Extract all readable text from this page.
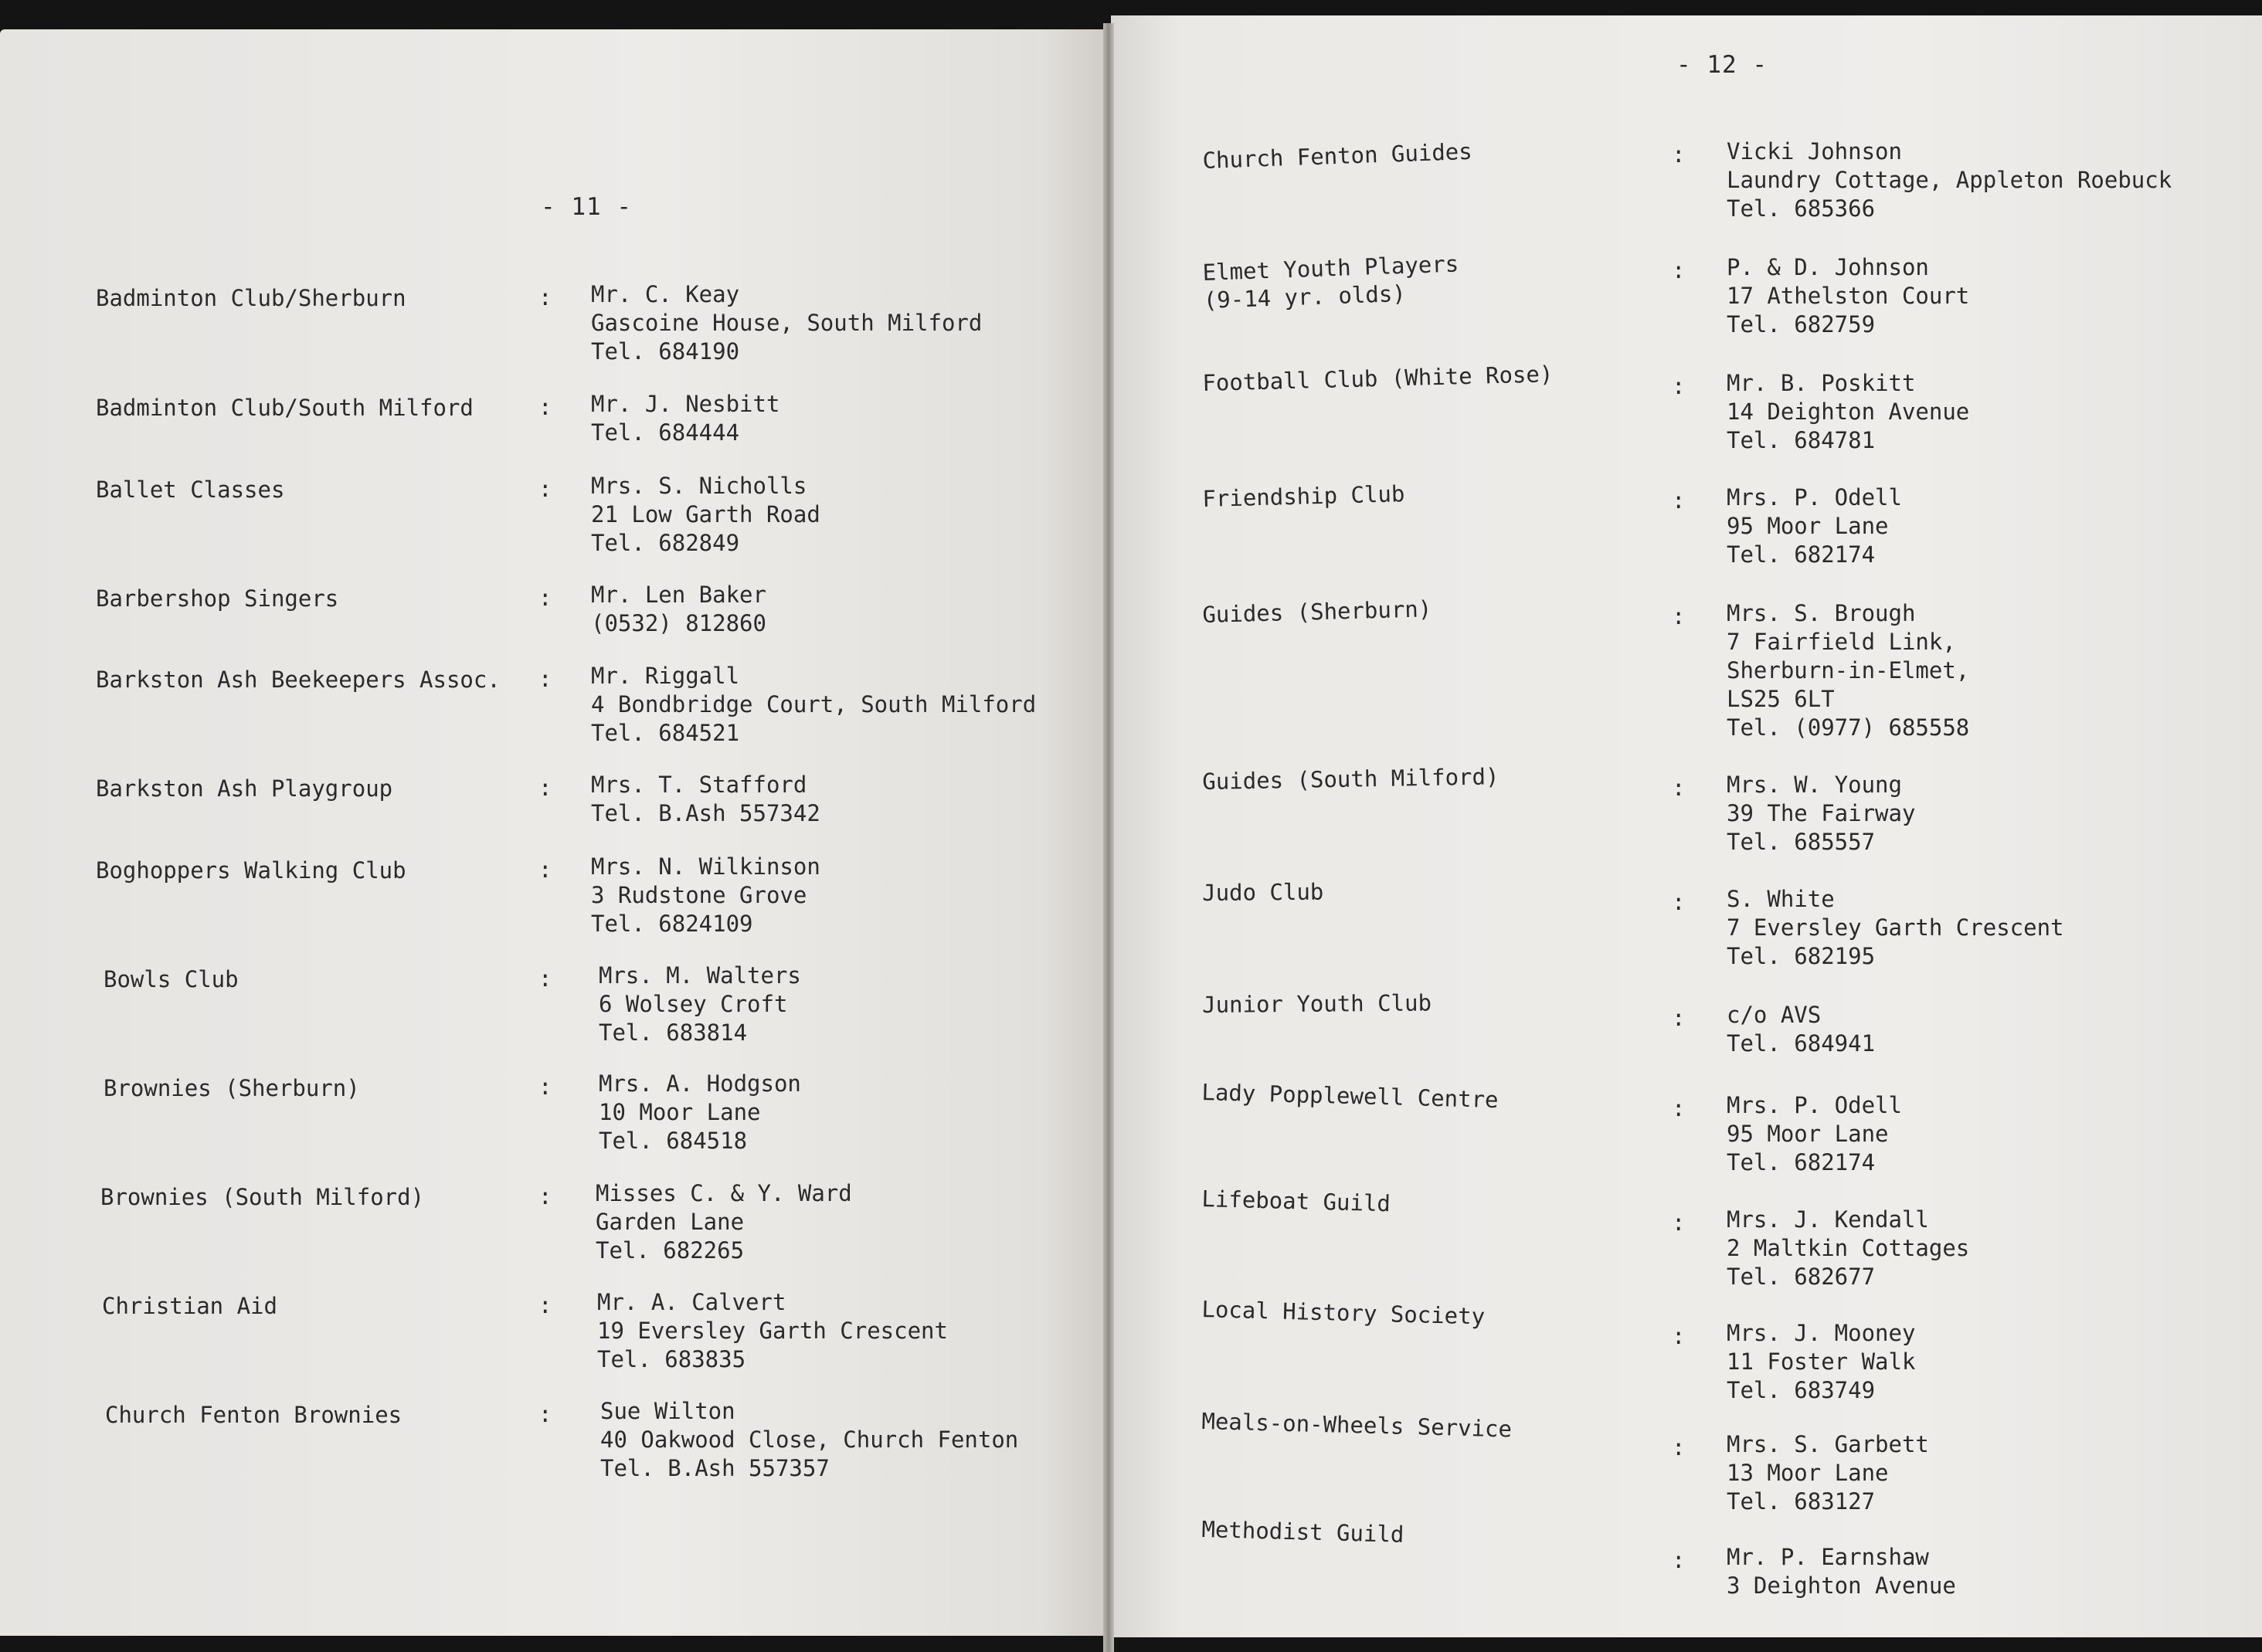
- 11 -
- 12 -
Badminton Club/Sherburn	: Mr. C. Keay
Gascoine House, South Milford
Tel. 684190
Badminton Club/South Milford	: Mr. J. Nesbitt
Tel. 684444
Ballet Classes	: Mrs. S. Nicholls
21 Low Garth Road
Tel. 682849
Barbershop Singers	: Mr. Len Baker
(0532) 812860
Barkston Ash Beekeepers Assoc. : Mr. Riggall
4 Bondbridge Court, South Milford
Tel. 684521
Barkston Ash Playgroup	: Mrs. T. Stafford
Tel. B.Ash 557342
Boghoppers Walking Club	: Mrs. N. Wilkinson
3 Rudstone Grove
Tel. 6824109
Bowls Club	: Mrs. M. Walters
6 Wolsey Croft
Tel. 683814
Brownies (Sherburn)	: Mrs. A. Hodgson
10 Moor Lane
Tel. 684518
Brownies (South Milford)	: Misses C. & Y. Ward
Garden Lane
Tel. 682265
Christian Aid	: Mr. A. Calvert
19 Eversley Garth Crescent
Tel. 683835
Church Fenton Brownies	: Sue Wilton
40 Oakwood Close, Church Fenton
Tel. B.Ash 557357
Church Fenton Guides	: Vicki Johnson
Laundry Cottage, Appleton Roebuck
Tel. 685366
Elmet Youth Players
(9-14 yr. olds)
: P. & D. Johnson
17 Athelston Court
Tel. 682759
Football Club (White Rose)	: Mr. B. Poskitt
14 Deighton Avenue
Tel. 684781
Friendship Club	: Mrs. P. Odell
95 Moor Lane
Tel. 682174
Guides (Sherburn)	: Mrs. S. Brough
7 Fairfield Link,
Sherburn-in-Elmet,
LS25 6LT
Tel. (0977) 685558
Guides (South Milford)	: Mrs. W. Young
39 The Fairway
Tel. 685557
Judo Club	: S. White
7 Eversley Garth Crescent
Tel. 682195
Junior Youth Club
: c/o AVS
Tel. 684941
Lady Popplewell Centre	: Mrs. P. Odell
95 Moor Lane
Tel. 682174
Lifeboat Guild
: Mrs. J. Kendall
2 Maltkin Cottages
Tel. 682677
Local History Society
: Mrs. J. Mooney
11 Foster Walk
Tel. 683749
Meals-on-Wheels Service
: Mrs. S. Garbett
13 Moor Lane
Tel. 683127
Methodist Guild
: Mr. P. Earnshaw
3 Deighton Avenue
